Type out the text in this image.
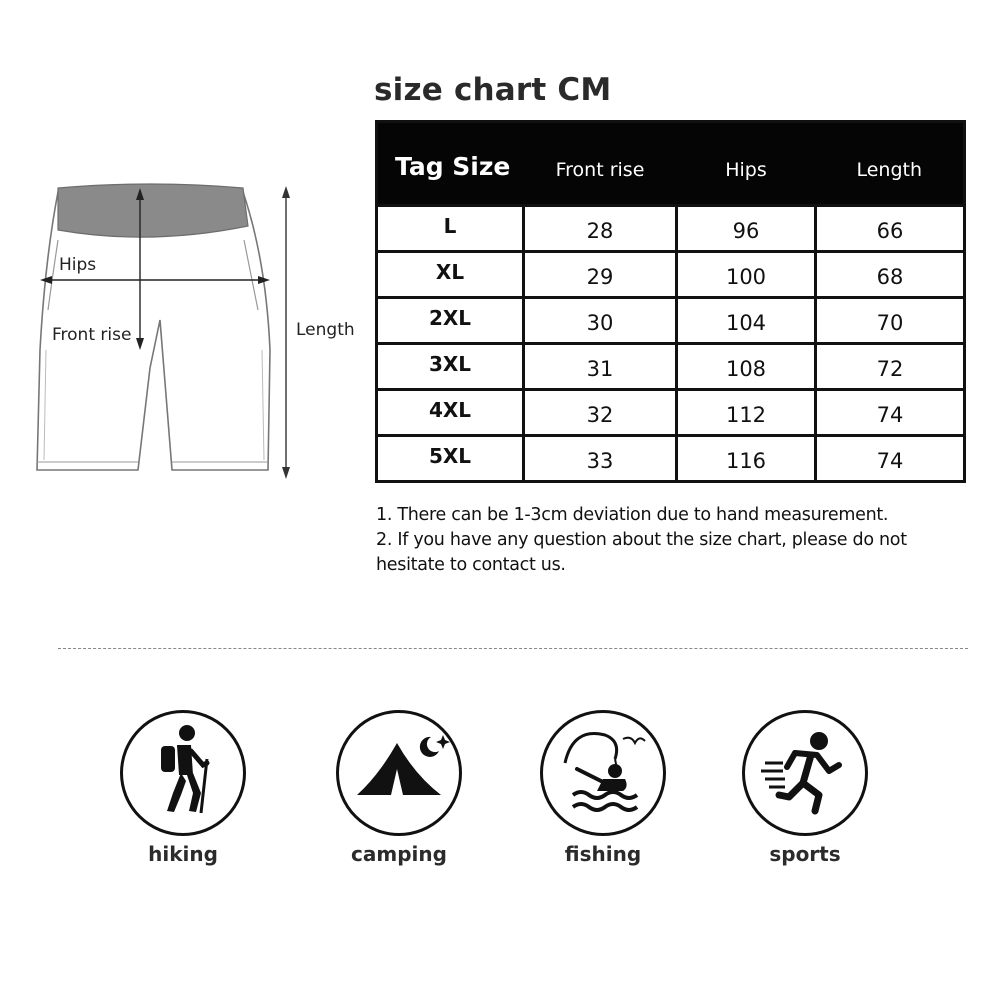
Hips
Front rise	Length
size chart CM
Tag Size	Front rise	Hips	Length
L	28	96	66
XL	29	100	68
2XL	30	104	70
3XL	31	108	72
4XL	32	112	74
5XL	33	116	74
1. There can be 1-3cm deviation due to hand measurement.
2. If you have any question about the size chart, please do not hesitate to contact us.
hiking	camping	fishing	sports
